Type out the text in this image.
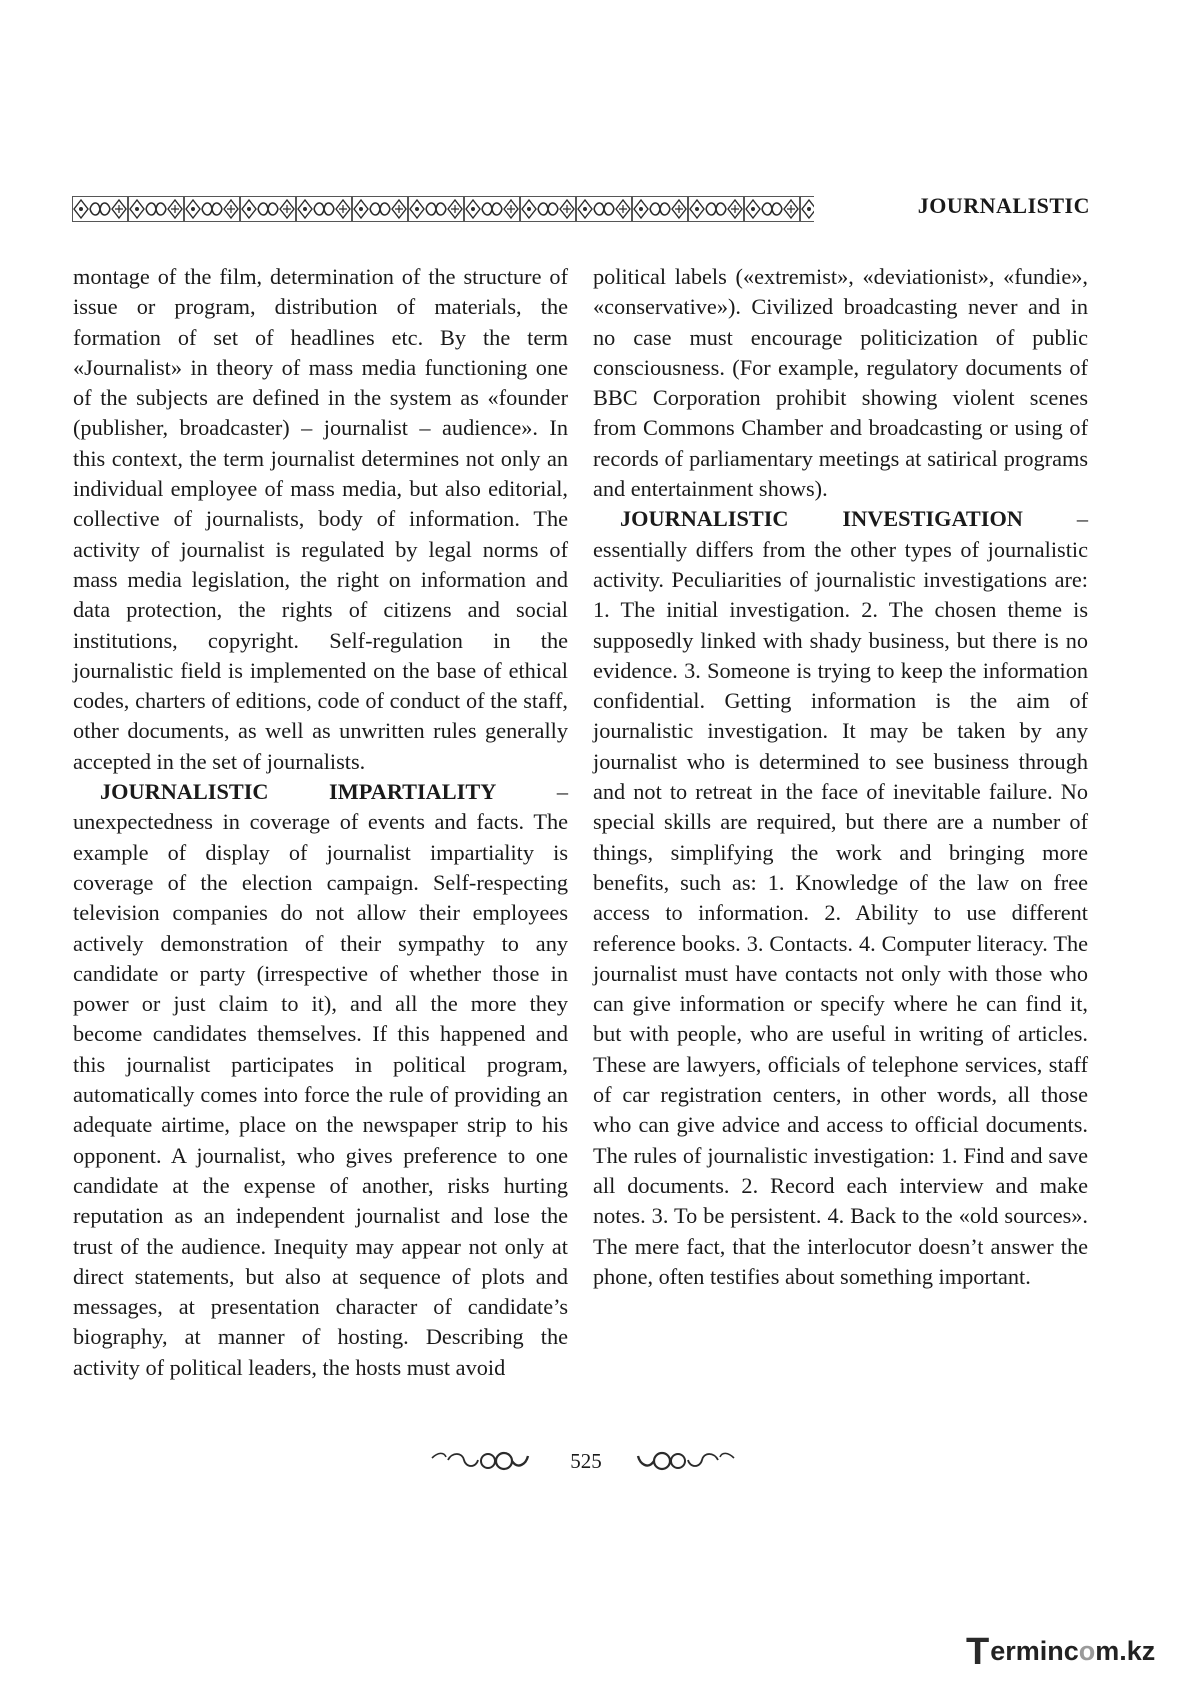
JOURNALISTIC

montage of the film, determination of the structure of issue or program, distribution of materials, the formation of set of headlines etc. By the term «Journalist» in theory of mass media functioning one of the subjects are defined in the system as «founder (publisher, broadcaster) – journalist – audience». In this context, the term journalist determines not only an individual employee of mass media, but also editorial, collective of journalists, body of information. The activity of journalist is regulated by legal norms of mass media legislation, the right on information and data protection, the rights of citizens and social institutions, copyright. Self-regulation in the journalistic field is implemented on the base of ethical codes, charters of editions, code of conduct of the staff, other documents, as well as unwritten rules generally accepted in the set of journalists.

JOURNALISTIC IMPARTIALITY – unexpectedness in coverage of events and facts. The example of display of journalist impartiality is coverage of the election campaign. Self-respecting television companies do not allow their employees actively demonstration of their sympathy to any candidate or party (irrespective of whether those in power or just claim to it), and all the more they become candidates themselves. If this happened and this journalist participates in political program, automatically comes into force the rule of providing an adequate airtime, place on the newspaper strip to his opponent. A journalist, who gives preference to one candidate at the expense of another, risks hurting reputation as an independent journalist and lose the trust of the audience. Inequity may appear not only at direct statements, but also at sequence of plots and messages, at presentation character of candidate’s biography, at manner of hosting. Describing the activity of political leaders, the hosts must avoid

political labels («extremist», «deviationist», «fundie», «conservative»). Civilized broadcasting never and in no case must encourage politicization of public consciousness. (For example, regulatory documents of BBC Corporation prohibit showing violent scenes from Commons Chamber and broadcasting or using of records of parliamentary meetings at satirical programs and entertainment shows).

JOURNALISTIC INVESTIGATION – essentially differs from the other types of journalistic activity. Peculiarities of journalistic investigations are: 1. The initial investigation. 2. The chosen theme is supposedly linked with shady business, but there is no evidence. 3. Someone is trying to keep the information confidential. Getting information is the aim of journalistic investigation. It may be taken by any journalist who is determined to see business through and not to retreat in the face of inevitable failure. No special skills are required, but there are a number of things, simplifying the work and bringing more benefits, such as: 1. Knowledge of the law on free access to information. 2. Ability to use different reference books. 3. Contacts. 4. Computer literacy. The journalist must have contacts not only with those who can give information or specify where he can find it, but with people, who are useful in writing of articles. These are lawyers, officials of telephone services, staff of car registration centers, in other words, all those who can give advice and access to official documents. The rules of journalistic investigation: 1. Find and save all documents. 2. Record each interview and make notes. 3. To be persistent. 4. Back to the «old sources». The mere fact, that the interlocutor doesn’t answer the phone, often testifies about something important.

525
Termincom.kz
